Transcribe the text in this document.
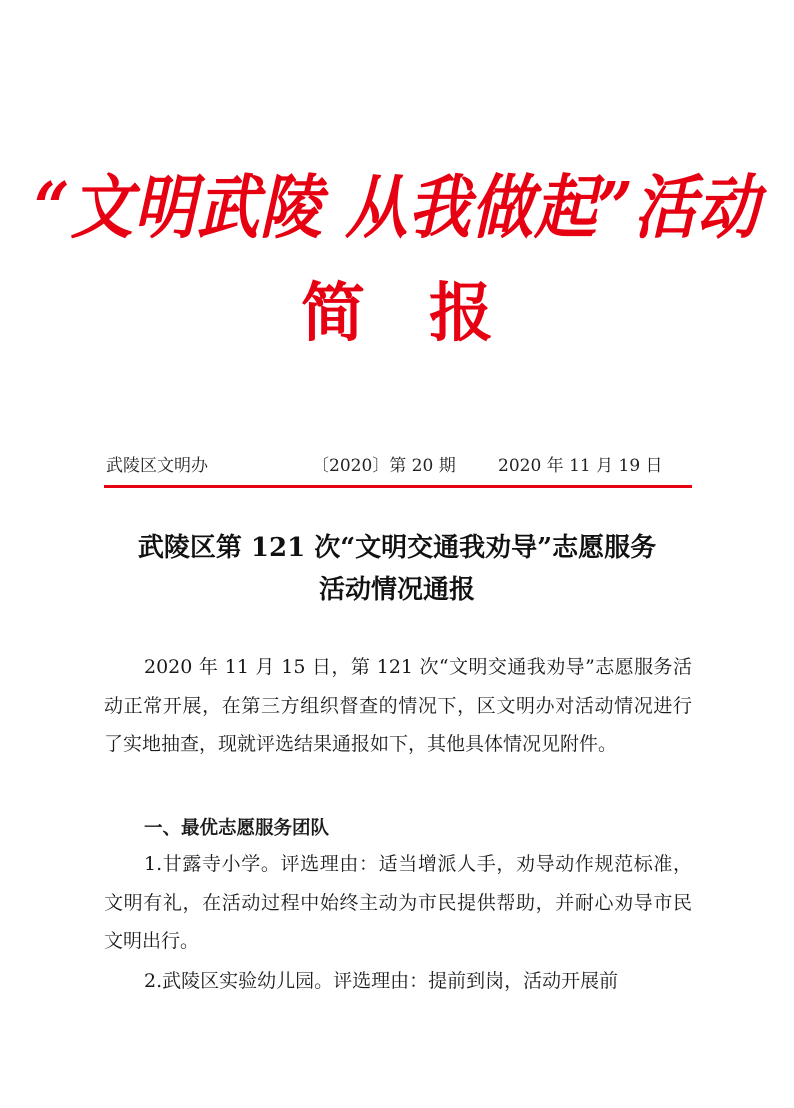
“文明武陵 从我做起”活动
简 报
武陵区文明办	〔2020〕第 20 期 2020 年 11 月 19 日
武陵区第 121 次“文明交通我劝导”志愿服务
活动情况通报
2020 年 11 月 15 日，第 121 次“文明交通我劝导”志愿服务活动正常开展，在第三方组织督查的情况下，区文明办对活动情况进行了实地抽查，现就评选结果通报如下，其他具体情况见附件。
一、最优志愿服务团队
1.甘露寺小学。评选理由：适当增派人手，劝导动作规范标准，文明有礼，在活动过程中始终主动为市民提供帮助，并耐心劝导市民文明出行。
2.武陵区实验幼儿园。评选理由：提前到岗，活动开展前
